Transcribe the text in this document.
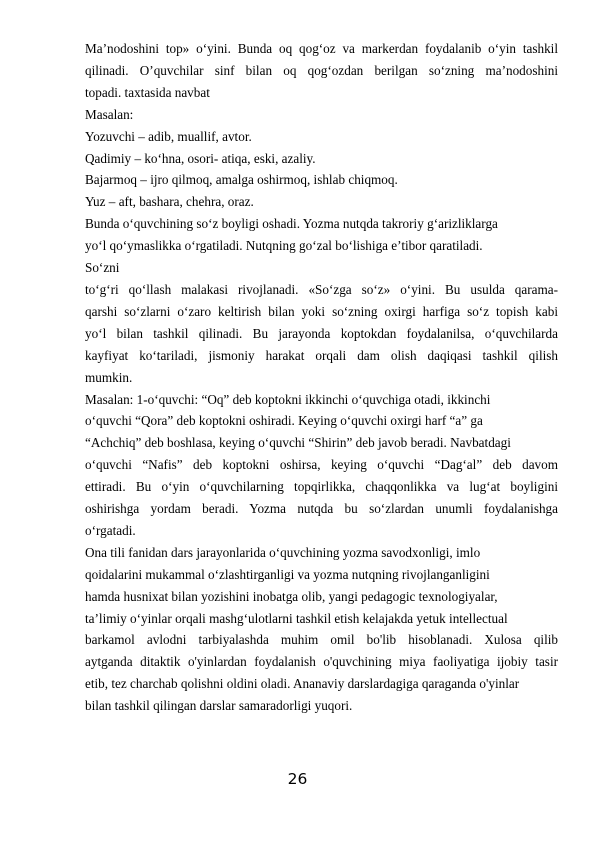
Ma’nodoshini top» o‘yini. Bunda oq qog‘oz va markerdan foydalanib o‘yin tashkil
qilinadi. O’quvchilar sinf bilan oq qog‘ozdan berilgan so‘zning ma’nodoshini
topadi. taxtasida navbat
Masalan:
Yozuvchi – adib, muallif, avtor.
Qadimiy – ko‘hna, osori- atiqa, eski, azaliy.
Bajarmoq – ijro qilmoq, amalga oshirmoq, ishlab chiqmoq.
Yuz – aft, bashara, chehra, oraz.
Bunda o‘quvchining so‘z boyligi oshadi. Yozma nutqda takroriy g‘arizliklarga
yo‘l qo‘ymaslikka o‘rgatiladi. Nutqning go‘zal bo‘lishiga e’tibor qaratiladi.
So‘zni
to‘g‘ri qo‘llash malakasi rivojlanadi. «So‘zga so‘z» o‘yini. Bu usulda qarama-
qarshi so‘zlarni o‘zaro keltirish bilan yoki so‘zning oxirgi harfiga so‘z topish kabi
yo‘l bilan tashkil qilinadi. Bu jarayonda koptokdan foydalanilsa, o‘quvchilarda
kayfiyat ko‘tariladi, jismoniy harakat orqali dam olish daqiqasi tashkil qilish
mumkin.
Masalan: 1-o‘quvchi: “Oq” deb koptokni ikkinchi o‘quvchiga otadi, ikkinchi
o‘quvchi “Qora” deb koptokni oshiradi. Keying o‘quvchi oxirgi harf “a” ga
“Achchiq” deb boshlasa, keying o‘quvchi “Shirin” deb javob beradi. Navbatdagi
o‘quvchi “Nafis” deb koptokni oshirsa, keying o‘quvchi “Dag‘al” deb davom
ettiradi. Bu o‘yin o‘quvchilarning topqirlikka, chaqqonlikka va lug‘at boyligini
oshirishga yordam beradi. Yozma nutqda bu so‘zlardan unumli foydalanishga
o‘rgatadi.
Ona tili fanidan dars jarayonlarida o‘quvchining yozma savodxonligi, imlo
qoidalarini mukammal o‘zlashtirganligi va yozma nutqning rivojlanganligini
hamda husnixat bilan yozishini inobatga olib, yangi pedagogic texnologiyalar,
ta’limiy o‘yinlar orqali mashg‘ulotlarni tashkil etish kelajakda yetuk intellectual
barkamol avlodni tarbiyalashda muhim omil bo'lib hisoblanadi. Xulosa qilib
aytganda ditaktik o'yinlardan foydalanish o'quvchining miya faoliyatiga ijobiy tasir
etib, tez charchab qolishni oldini oladi. Ananaviy darslardagiga qaraganda o'yinlar
bilan tashkil qilingan darslar samaradorligi yuqori.
26
